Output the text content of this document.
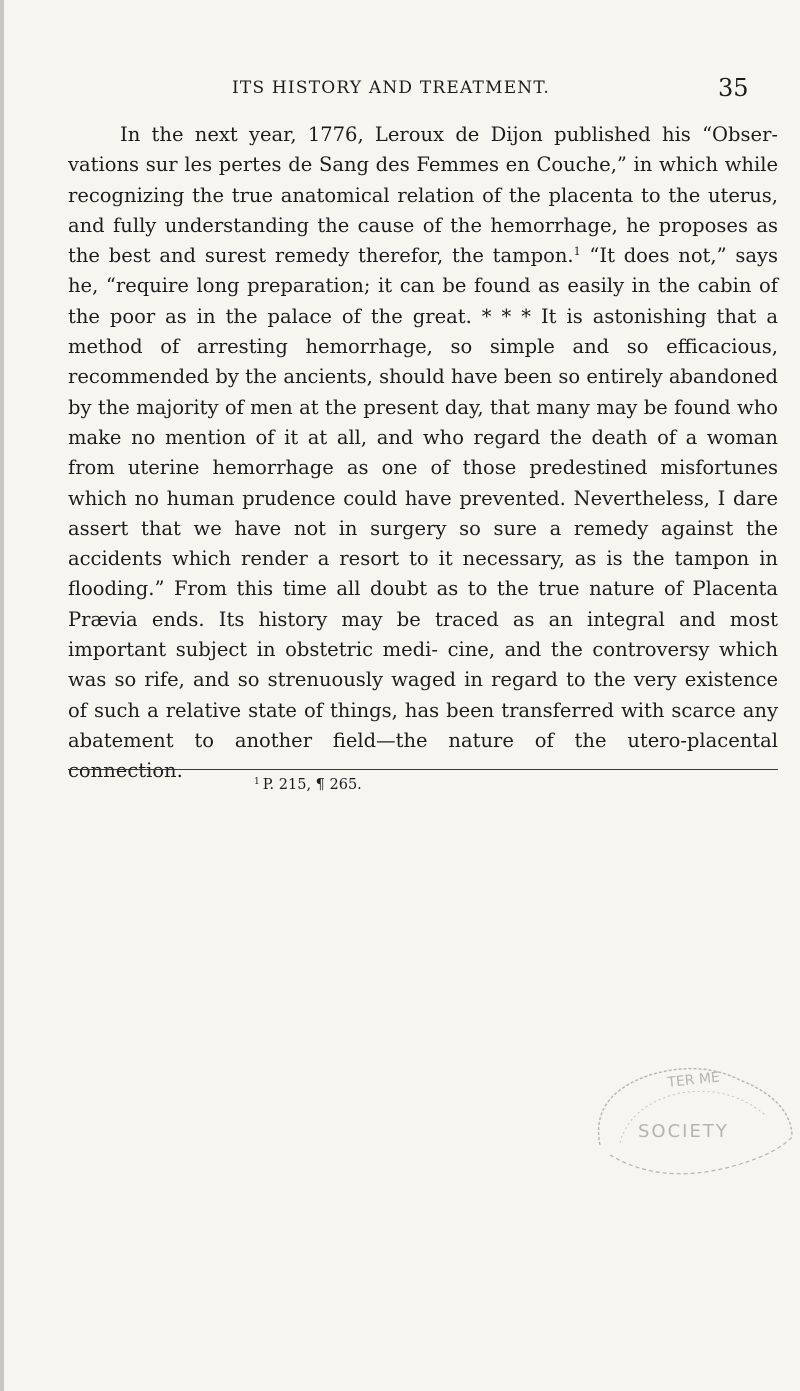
ITS HISTORY AND TREATMENT.	35

In the next year, 1776, Leroux de Dijon published his “Obser- vations sur les pertes de Sang des Femmes en Couche,” in which while recognizing the true anatomical relation of the placenta to the uterus, and fully understanding the cause of the hemorrhage, he proposes as the best and surest remedy therefor, the tampon.$^1$ “It does not,” says he, “require long preparation; it can be found as easily in the cabin of the poor as in the palace of the great. * * * It is astonishing that a method of arresting hemorrhage, so simple and so efficacious, recommended by the ancients, should have been so entirely abandoned by the majority of men at the present day, that many may be found who make no mention of it at all, and who regard the death of a woman from uterine hemorrhage as one of those predestined misfortunes which no human prudence could have prevented. Nevertheless, I dare assert that we have not in surgery so sure a remedy against the accidents which render a resort to it necessary, as is the tampon in flooding.” From this time all doubt as to the true nature of Placenta Prævia ends. Its history may be traced as an integral and most important subject in obstetric medi- cine, and the controversy which was so rife, and so strenuously waged in regard to the very existence of such a relative state of things, has been transferred with scarce any abatement to another field—the nature of the utero-placental connection.	$^1$ P. 215, ¶ 265.
TER ME
SOCIETY
